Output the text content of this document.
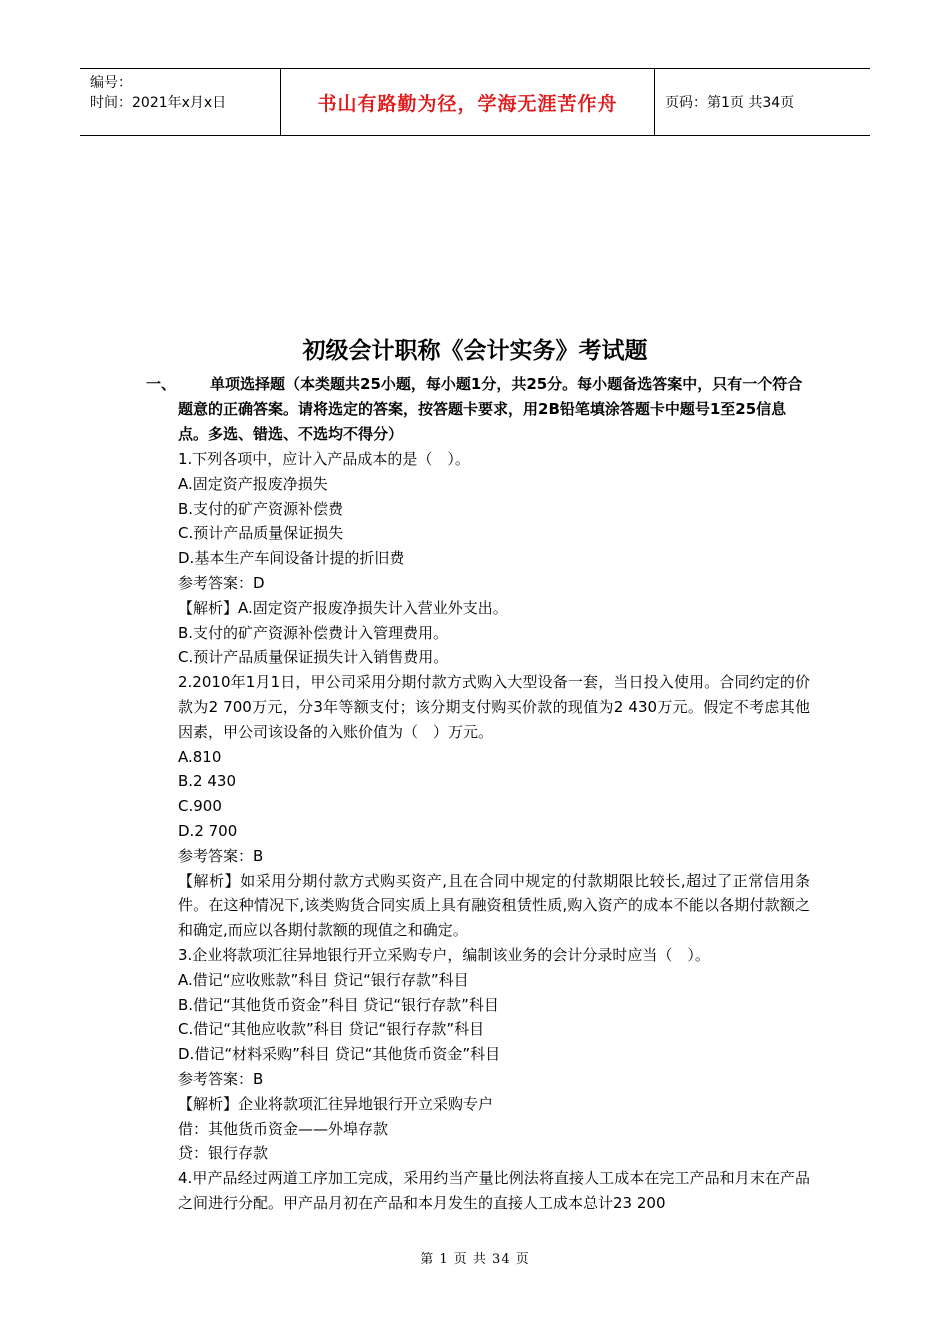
编号：
时间：2021年x月x日	书山有路勤为径，学海无涯苦作舟	页码：第1页 共34页
初级会计职称《会计实务》考试题
一、	单项选择题（本类题共25小题，每小题1分，共25分。每小题备选答案中，只有一个符合题意的正确答案。请将选定的答案，按答题卡要求，用2B铅笔填涂答题卡中题号1至25信息点。多选、错选、不选均不得分）

1.下列各项中，应计入产品成本的是（　）。

A.固定资产报废净损失

B.支付的矿产资源补偿费

C.预计产品质量保证损失

D.基本生产车间设备计提的折旧费

参考答案：D

【解析】A.固定资产报废净损失计入营业外支出。

B.支付的矿产资源补偿费计入管理费用。

C.预计产品质量保证损失计入销售费用。

2.2010年1月1日，甲公司采用分期付款方式购入大型设备一套，当日投入使用。合同约定的价款为2 700万元，分3年等额支付；该分期支付购买价款的现值为2 430万元。假定不考虑其他因素，甲公司该设备的入账价值为（　）万元。

A.810

B.2 430

C.900

D.2 700

参考答案：B

【解析】如采用分期付款方式购买资产,且在合同中规定的付款期限比较长,超过了正常信用条件。在这种情况下,该类购货合同实质上具有融资租赁性质,购入资产的成本不能以各期付款额之和确定,而应以各期付款额的现值之和确定。

3.企业将款项汇往异地银行开立采购专户，编制该业务的会计分录时应当（　）。

A.借记“应收账款”科目 贷记“银行存款”科目

B.借记“其他货币资金”科目 贷记“银行存款”科目

C.借记“其他应收款”科目 贷记“银行存款”科目

D.借记“材料采购”科目 贷记“其他货币资金”科目

参考答案：B

【解析】企业将款项汇往异地银行开立采购专户

借：其他货币资金——外埠存款

贷：银行存款

4.甲产品经过两道工序加工完成，采用约当产量比例法将直接人工成本在完工产品和月末在产品之间进行分配。甲产品月初在产品和本月发生的直接人工成本总计23 200

第 1 页 共 34 页
